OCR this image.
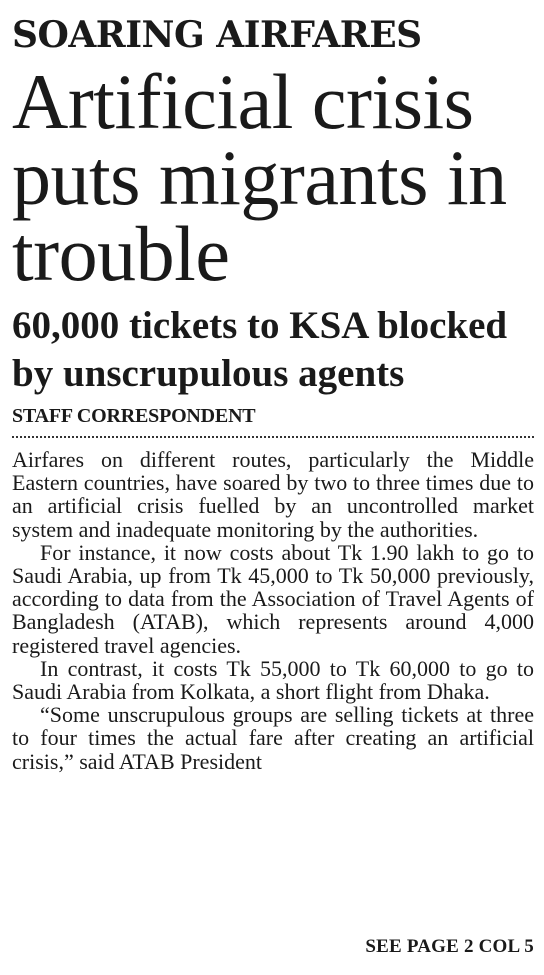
SOARING AIRFARES
Artificial crisis puts migrants in trouble
60,000 tickets to KSA blocked by unscrupulous agents
STAFF CORRESPONDENT

Airfares on different routes, particularly the Middle Eastern countries, have soared by two to three times due to an artificial crisis fuelled by an uncontrolled market system and inadequate monitoring by the authorities.

For instance, it now costs about Tk 1.90 lakh to go to Saudi Arabia, up from Tk 45,000 to Tk 50,000 previously, according to data from the Association of Travel Agents of Bangladesh (ATAB), which represents around 4,000 registered travel agencies.

In contrast, it costs Tk 55,000 to Tk 60,000 to go to Saudi Arabia from Kolkata, a short flight from Dhaka.

“Some unscrupulous groups are selling tickets at three to four times the actual fare after creating an artificial crisis,” said ATAB President

SEE PAGE 2 COL 5
